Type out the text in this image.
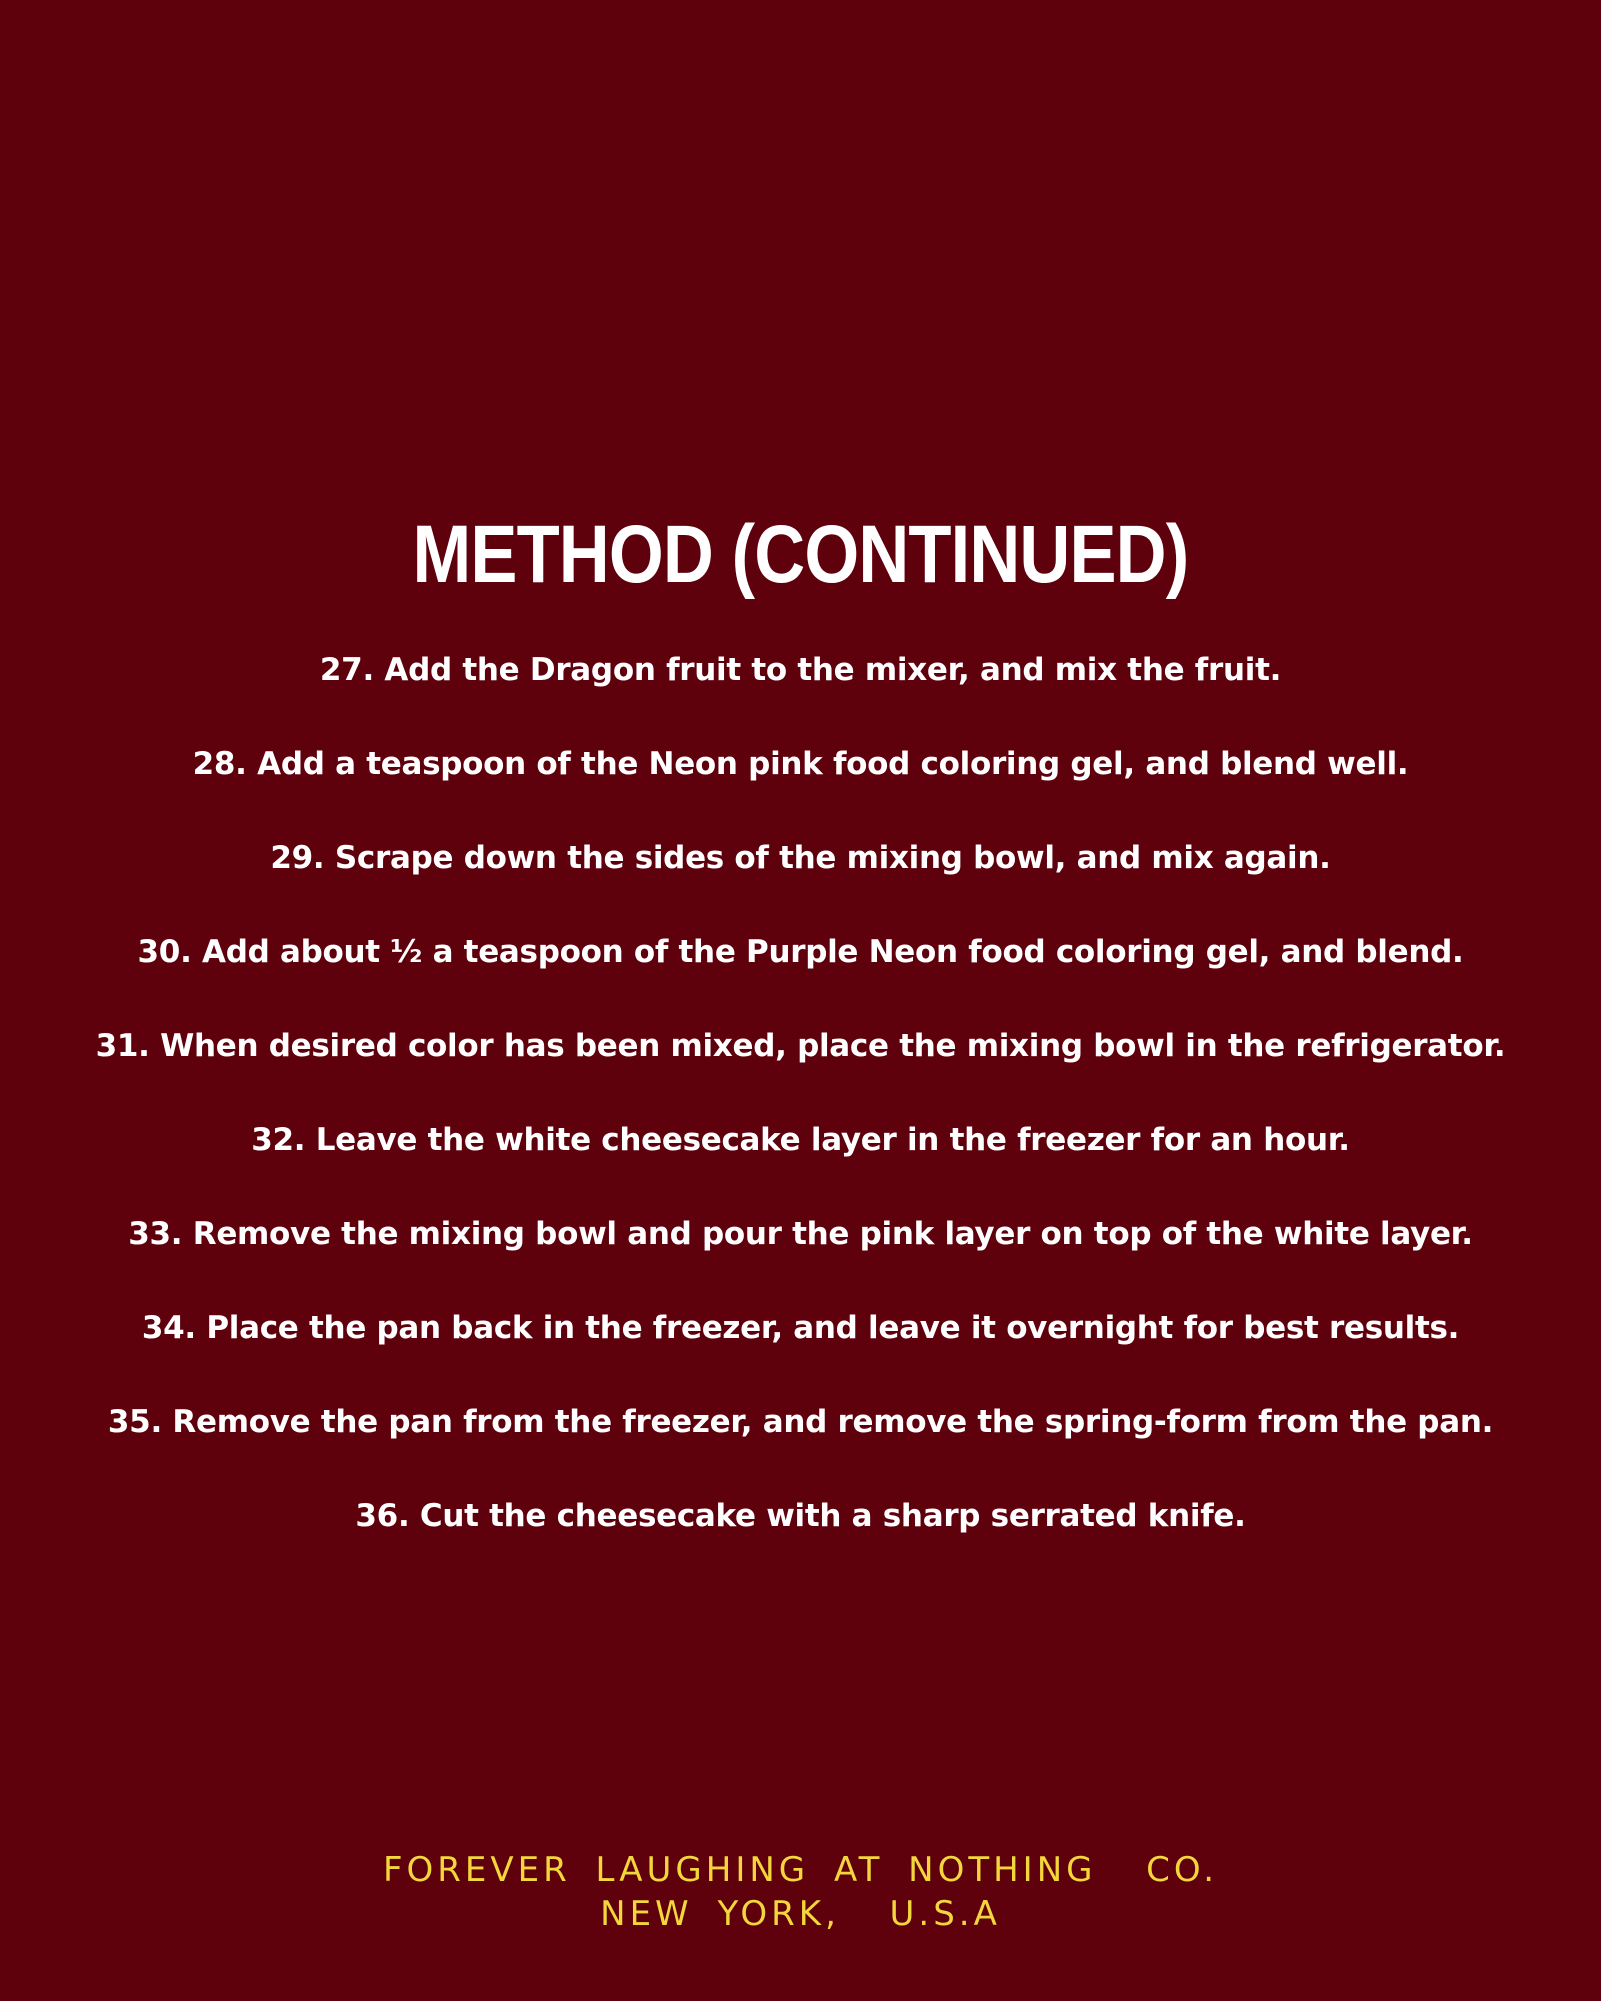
METHOD (CONTINUED)
27. Add the Dragon fruit to the mixer, and mix the fruit.
28. Add a teaspoon of the Neon pink food coloring gel, and blend well.
29. Scrape down the sides of the mixing bowl, and mix again.
30. Add about ½ a teaspoon of the Purple Neon food coloring gel, and blend.
31. When desired color has been mixed, place the mixing bowl in the refrigerator.
32. Leave the white cheesecake layer in the freezer for an hour.
33. Remove the mixing bowl and pour the pink layer on top of the white layer.
34. Place the pan back in the freezer, and leave it overnight for best results.
35. Remove the pan from the freezer, and remove the spring-form from the pan.
36. Cut the cheesecake with a sharp serrated knife.
FOREVER LAUGHING AT NOTHING  CO.
NEW YORK,  U.S.A
